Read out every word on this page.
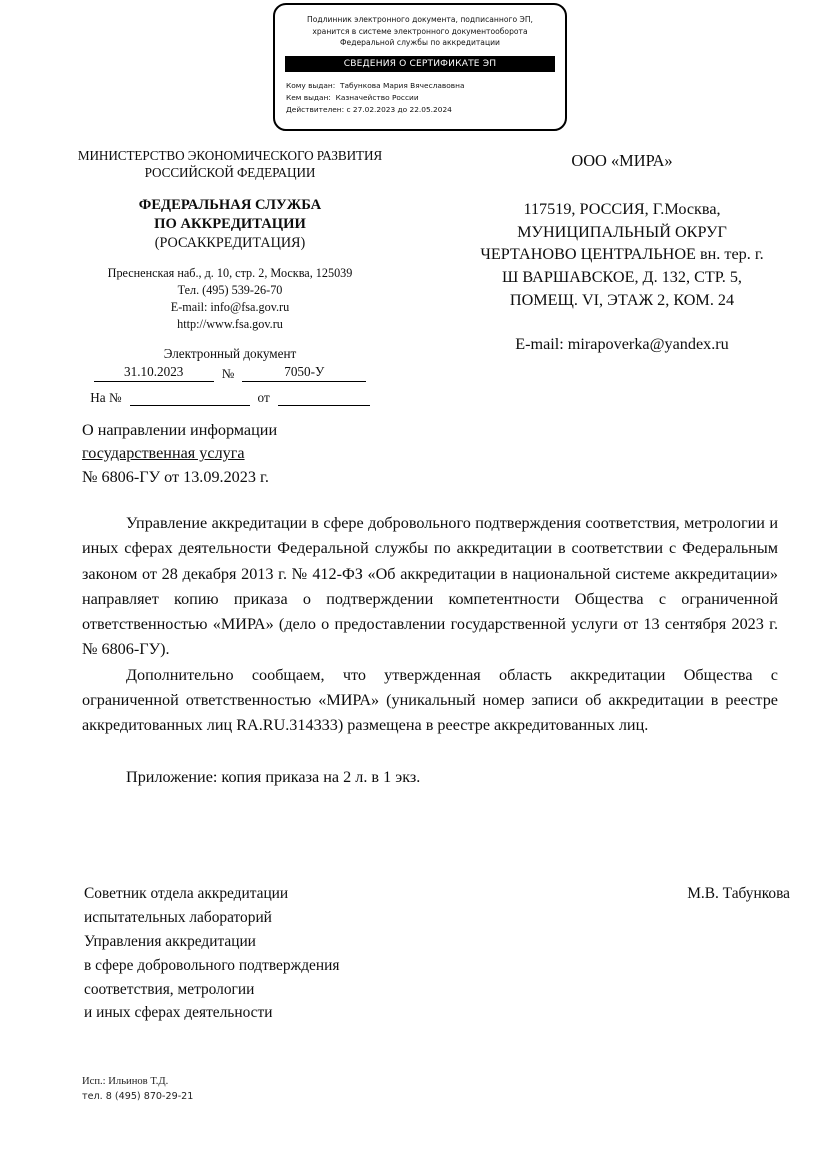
Подлинник электронного документа, подписанного ЭП,
хранится в системе электронного документооборота
Федеральной службы по аккредитации
СВЕДЕНИЯ О СЕРТИФИКАТЕ ЭП
Кому выдан: Табункова Мария Вячеславовна
Кем выдан: Казначейство России
Действителен: с 27.02.2023 до 22.05.2024
МИНИСТЕРСТВО ЭКОНОМИЧЕСКОГО РАЗВИТИЯ
РОССИЙСКОЙ ФЕДЕРАЦИИ
ФЕДЕРАЛЬНАЯ СЛУЖБА
ПО АККРЕДИТАЦИИ
(РОСАККРЕДИТАЦИЯ)
Пресненская наб., д. 10, стр. 2, Москва, 125039
Тел. (495) 539-26-70
E-mail: info@fsa.gov.ru
http://www.fsa.gov.ru
Электронный документ
31.10.2023	№	7050-У
На №
	от

ООО «МИРА»
117519, РОССИЯ, Г.Москва,
МУНИЦИПАЛЬНЫЙ ОКРУГ
ЧЕРТАНОВО ЦЕНТРАЛЬНОЕ вн. тер. г.
Ш ВАРШАВСКОЕ, Д. 132, СТР. 5,
ПОМЕЩ. VI, ЭТАЖ 2, КОМ. 24
E-mail: mirapoverka@yandex.ru
О направлении информации
государственная услуга
№ 6806-ГУ от 13.09.2023 г.

Управление аккредитации в сфере добровольного подтверждения соответствия, метрологии и иных сферах деятельности Федеральной службы по аккредитации в соответствии с Федеральным законом от 28 декабря 2013 г. № 412-ФЗ «Об аккредитации в национальной системе аккредитации» направляет копию приказа о подтверждении компетентности Общества с ограниченной ответственностью «МИРА» (дело о предоставлении государственной услуги от 13 сентября 2023 г. № 6806-ГУ).

Дополнительно сообщаем, что утвержденная область аккредитации Общества с ограниченной ответственностью «МИРА» (уникальный номер записи об аккредитации в реестре аккредитованных лиц RA.RU.314333) размещена в реестре аккредитованных лиц.

Приложение: копия приказа на 2 л. в 1 экз.
Советник отдела аккредитации
испытательных лабораторий
Управления аккредитации
в сфере добровольного подтверждения
соответствия, метрологии
и иных сферах деятельности
М.В. Табункова
Исп.: Ильинов Т.Д.
тел. 8 (495) 870-29-21
